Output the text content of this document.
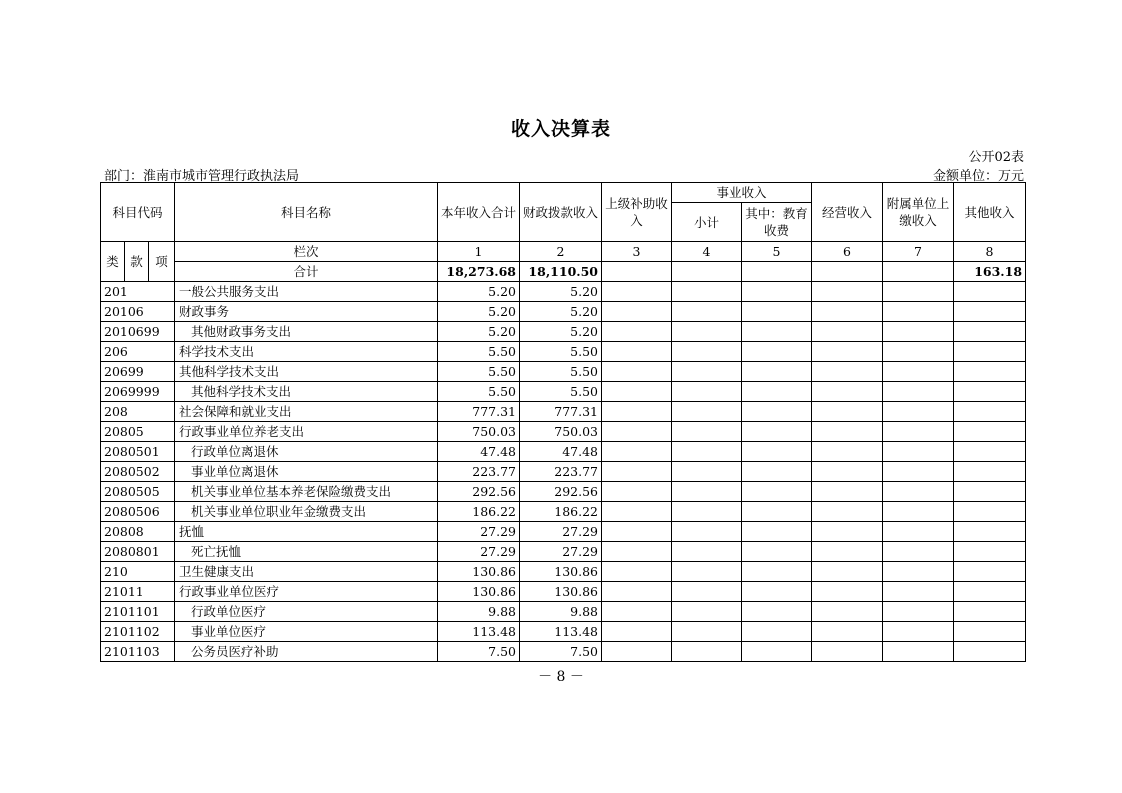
收入决算表
公开02表
部门：淮南市城市管理行政执法局	金额单位：万元
科目代码			科目名称	本年收入合计	财政拨款收入	上级补助收入	事业收入		经营收入	附属单位上缴收入	其他收入
							小计	其中：教育收费			
类	款	项	栏次	1	2	3	4	5	6	7	8
			合计	18,273.68	18,110.50						163.18
201			一般公共服务支出	5.20	5.20						
20106			财政事务	5.20	5.20						
2010699			其他财政事务支出	5.20	5.20						
206			科学技术支出	5.50	5.50						
20699			其他科学技术支出	5.50	5.50						
2069999			其他科学技术支出	5.50	5.50						
208			社会保障和就业支出	777.31	777.31						
20805			行政事业单位养老支出	750.03	750.03						
2080501			行政单位离退休	47.48	47.48						
2080502			事业单位离退休	223.77	223.77						
2080505			机关事业单位基本养老保险缴费支出	292.56	292.56						
2080506			机关事业单位职业年金缴费支出	186.22	186.22						
20808			抚恤	27.29	27.29						
2080801			死亡抚恤	27.29	27.29						
210			卫生健康支出	130.86	130.86						
21011			行政事业单位医疗	130.86	130.86						
2101101			行政单位医疗	9.88	9.88						
2101102			事业单位医疗	113.48	113.48						
2101103			公务员医疗补助	7.50	7.50						
－ 8 －
